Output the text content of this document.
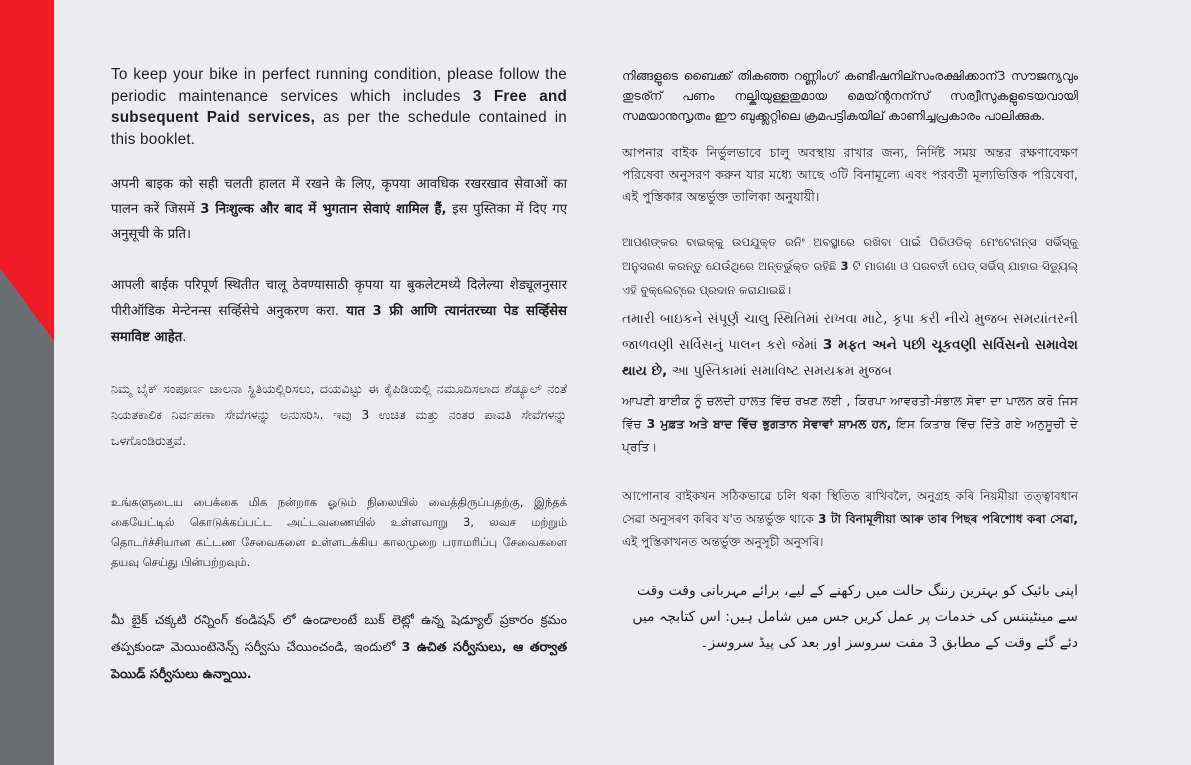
To keep your bike in perfect running condition, please follow the periodic maintenance services which includes 3 Free and subsequent Paid services, as per the schedule contained in this booklet.

अपनी बाइक को सही चलती हालत में रखने के लिए, कृपया आवधिक रखरखाव सेवाओं का पालन करें जिसमें 3 निःशुल्क और बाद में भुगतान सेवाएं शामिल हैं, इस पुस्तिका में दिए गए अनुसूची के प्रति।

आपली बाईक परिपूर्ण स्थितीत चालू ठेवण्यासाठी कृपया या बुकलेटमध्ये दिलेल्या शेड्यूलनुसार पीरीऑडिक मेन्टेनन्स सर्व्हिसेचे अनुकरण करा. यात 3 फ्री आणि त्यानंतरच्या पेड सर्व्हिसेस समाविष्ट आहेत.

ನಿಮ್ಮ ಬೈಕ್ ಸಂಪೂರ್ಣ ಚಾಲನಾ ಸ್ಥಿತಿಯಲ್ಲಿರಿಸಲು, ದಯವಿಟ್ಟು ಈ ಕೈಪಿಡಿಯಲ್ಲಿ ನಮೂದಿಸಲಾದ ಶೆಡ್ಯೂಲ್ ನಂತೆ ನಿಯತಕಾಲಿಕ ನಿರ್ವಹಣಾ ಸೇವೆಗಳನ್ನು ಅನುಸರಿಸಿ. ಇವು 3 ಉಚಿತ ಮತ್ತು ನಂತರ ಪಾವತಿ ಸೇವೆಗಳನ್ನು ಒಳಗೊಂಡಿರುತ್ತವೆ.

உங்களுடைய பைக்கை மிக நன்றாக ஓடும் நிலையில் வைத்திருப்பதற்கு, இந்தக் கையேட்டில் கொடுக்கப்பட்ட அட்டவணையில் உள்ளவாறு 3, லவச மற்றும் தொடர்ச்சியான கட்டண சேவைகளை உள்ளடக்கிய காலமுறை பராமரிப்பு சேவைகளை தயவு செய்து பின்பற்றவும்.

మీ బైక్ చక్కటి రన్నింగ్ కండిషన్ లో ఉండాలంటే బుక్ లెట్లో ఉన్న షెడ్యూల్ ప్రకారం క్రమం తప్పకుండా మెయింటెనెన్స్ సర్వీసు చేయించండి, ఇందులో 3 ఉచిత సర్వీసులు, ఆ తర్వాత పెయిడ్ సర్వీసులు ఉన్నాయి.

നിങ്ങളുടെ ബൈക്ക് തികഞ്ഞ റണ്ണിംഗ് കണ്ടീഷനില്സംരക്ഷിക്കാന്3 സൗജന്യവും തുടര്ന് പണം നല്കിയുള്ളതുമായ മെയ്ന്റനന്സ് സര്വീസുകളുടെയവായി സമയാനുസൃതം ഈ ബുക്ക്ലറ്റിലെ ക്രമപട്ടികയില് കാണിച്ചപ്രകാരം പാലിക്കുക.

আপনার বাইক নির্ভুলভাবে চালু অবস্থায় রাখার জন্য, নির্দিষ্ট সময় অন্তর রক্ষণাবেক্ষণ পরিষেবা অনুসরণ করুন যার মধ্যে আছে ৩টি বিনামূল্যে এবং পরবর্তী মূল্যভিত্তিক পরিষেবা, এই পুস্তিকার অন্তর্ভুক্ত তালিকা অনুযায়ী।

ଆପଣଙ୍କର ବାଇକ୍‌କୁ ଉପଯୁକ୍ତ ରନିଂ ଅବସ୍ଥାରେ ରଖିବା ପାଇଁ ପିରିଓଡିକ୍ ମେଂଟେନାନ୍ସ ସର୍ଭିସ୍‌କୁ ଅନୁସରଣ କରନ୍ତୁ ଯେଉଁଥିରେ ଅନ୍ତର୍ଭୁକ୍ତ ରହିଛି 3 ଟି ମାଗଣା ଓ ପରବର୍ତୀ ପେଡ୍ ସର୍ଭିସ୍ ଯାହାର ସିଡ୍ୟୁଲ୍ ଏହି ବୁକ୍‌ଲେଟ୍‌ରେ ପ୍ରଦାନ କରାଯାଇଛି।

તમારી બાઇકને સંપૂર્ણ ચાલુ સ્થિતિમાં રાખવા માટે, કૃપા કરી નીચે મુજબ સમયાંતરની જાળવણી સર્વિસનું પાલન કરો જેમાં 3 મફત અને પછી ચૂકવણી સર્વિસનો સમાવેશ થાય છે, આ પુસ્તિકામાં સમાવિષ્ટ સમયક્રમ મુજબ

ਆਪਣੀ ਬਾਈਕ ਨੂੰ ਚਲਦੀ ਹਾਲਤ ਵਿੱਚ ਰਖਣ ਲਈ , ਕਿਰਪਾ ਆਵਰਤੀ-ਸੰਭਾਲ ਸੇਵਾ ਦਾ ਪਾਲਨ ਕਰੋ ਜਿਸ ਵਿੱਚ 3 ਮੁਫ਼ਤ ਅਤੇ ਬਾਦ ਵਿੱਚ ਭੁਗਤਾਨ ਸੇਵਾਵਾਂ ਸ਼ਾਮਲ ਹਨ, ਇਸ ਕਿਤਾਬ ਵਿੱਚ ਦਿੱਤੇ ਗਏ ਅਨੁਸੂਚੀ ਦੇ ਪ੍ਰਤਿ।

আপোনাৰ বাইকখন সঠিকভাৱে চলি থকা স্থিতিত ৰাখিবলৈ, অনুগ্ৰহ কৰি নিয়মীয়া তত্ত্বাবধান সেৱা অনুসৰণ কৰিব য'ত অন্তৰ্ভুক্ত থাকে 3 টা বিনামূলীয়া আৰু তাৰ পিছৰ পৰিশোধ কৰা সেৱা, এই পুস্তিকাখনত অন্তৰ্ভুক্ত অনুসূচী অনুসৰি।

اپنی بائیک کو بہترین رننگ حالت میں رکھنے کے لیے، برائے مہربانی وقت وقت سے مینٹیننس کی خدمات پر عمل کریں جس میں شامل ہیں: اس کتابچہ میں دئے گئے وقت کے مطابق 3 مفت سروسز اور بعد کی پیڈ سروسز۔
